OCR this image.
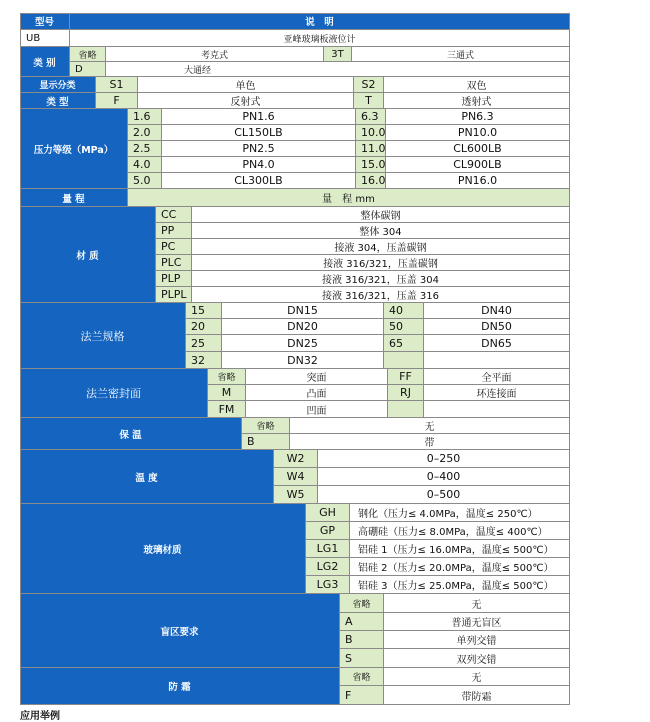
型号	说　明
UB	亚峰玻璃板液位计
类 别
省略	考克式	3T	三通式
D	大通经
显示分类	S1	单色	S2	双色
类 型	F	反射式	T	透射式
压力等级（MPa）
1.6	PN1.6	6.3	PN6.3
2.0	CL150LB	10.0	PN10.0
2.5	PN2.5	11.0	CL600LB
4.0	PN4.0	15.0	CL900LB
5.0	CL300LB	16.0	PN16.0
量 程	量　程 mm
材 质
CC	整体碳钢
PP	整体 304
PC	接液 304，压盖碳钢
PLC	接液 316/321，压盖碳钢
PLP	接液 316/321，压盖 304
PLPL	接液 316/321，压盖 316
法兰规格
15	DN15	40	DN40
20	DN20	50	DN50
25	DN25	65	DN65
32	DN32
法兰密封面
省略	突面	FF	全平面
M	凸面	RJ	环连接面
FM	凹面
保 温
省略	无
B	带
温 度
W2	0–250
W4	0–400
W5	0–500
玻璃材质
GH	钢化（压力≤ 4.0MPa，温度≤ 250℃）
GP	高硼硅（压力≤ 8.0MPa，温度≤ 400℃）
LG1	铝硅 1（压力≤ 16.0MPa，温度≤ 500℃）
LG2	铝硅 2（压力≤ 20.0MPa，温度≤ 500℃）
LG3	铝硅 3（压力≤ 25.0MPa，温度≤ 500℃）
盲区要求
省略	无
A	普通无盲区
B	单列交错
S	双列交错
防 霜
省略	无
F	带防霜
应用举例
